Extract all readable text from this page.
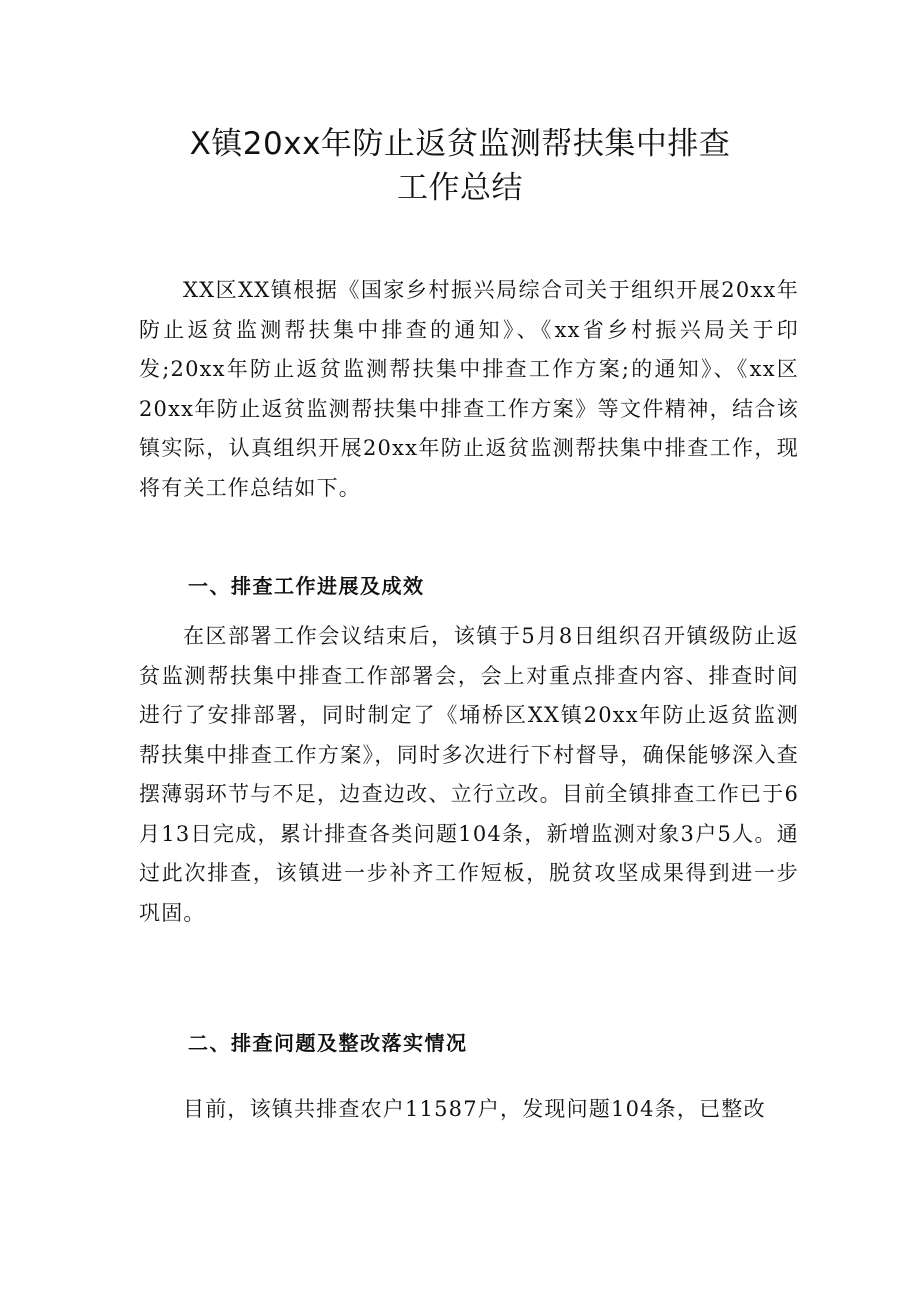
X镇20xx年防止返贫监测帮扶集中排查
工作总结

XX区XX镇根据《国家乡村振兴局综合司关于组织开展20xx年防止返贫监测帮扶集中排查的通知》、《xx省乡村振兴局关于印发;20xx年防止返贫监测帮扶集中排查工作方案;的通知》、《xx区20xx年防止返贫监测帮扶集中排查工作方案》等文件精神，结合该镇实际，认真组织开展20xx年防止返贫监测帮扶集中排查工作，现将有关工作总结如下。

一、排查工作进展及成效

在区部署工作会议结束后，该镇于5月8日组织召开镇级防止返贫监测帮扶集中排查工作部署会，会上对重点排查内容、排查时间进行了安排部署，同时制定了《埇桥区XX镇20xx年防止返贫监测帮扶集中排查工作方案》，同时多次进行下村督导，确保能够深入查摆薄弱环节与不足，边查边改、立行立改。目前全镇排查工作已于6月13日完成，累计排查各类问题104条，新增监测对象3户5人。通过此次排查，该镇进一步补齐工作短板，脱贫攻坚成果得到进一步巩固。

二、排查问题及整改落实情况

目前，该镇共排查农户11587户，发现问题104条，已整改
